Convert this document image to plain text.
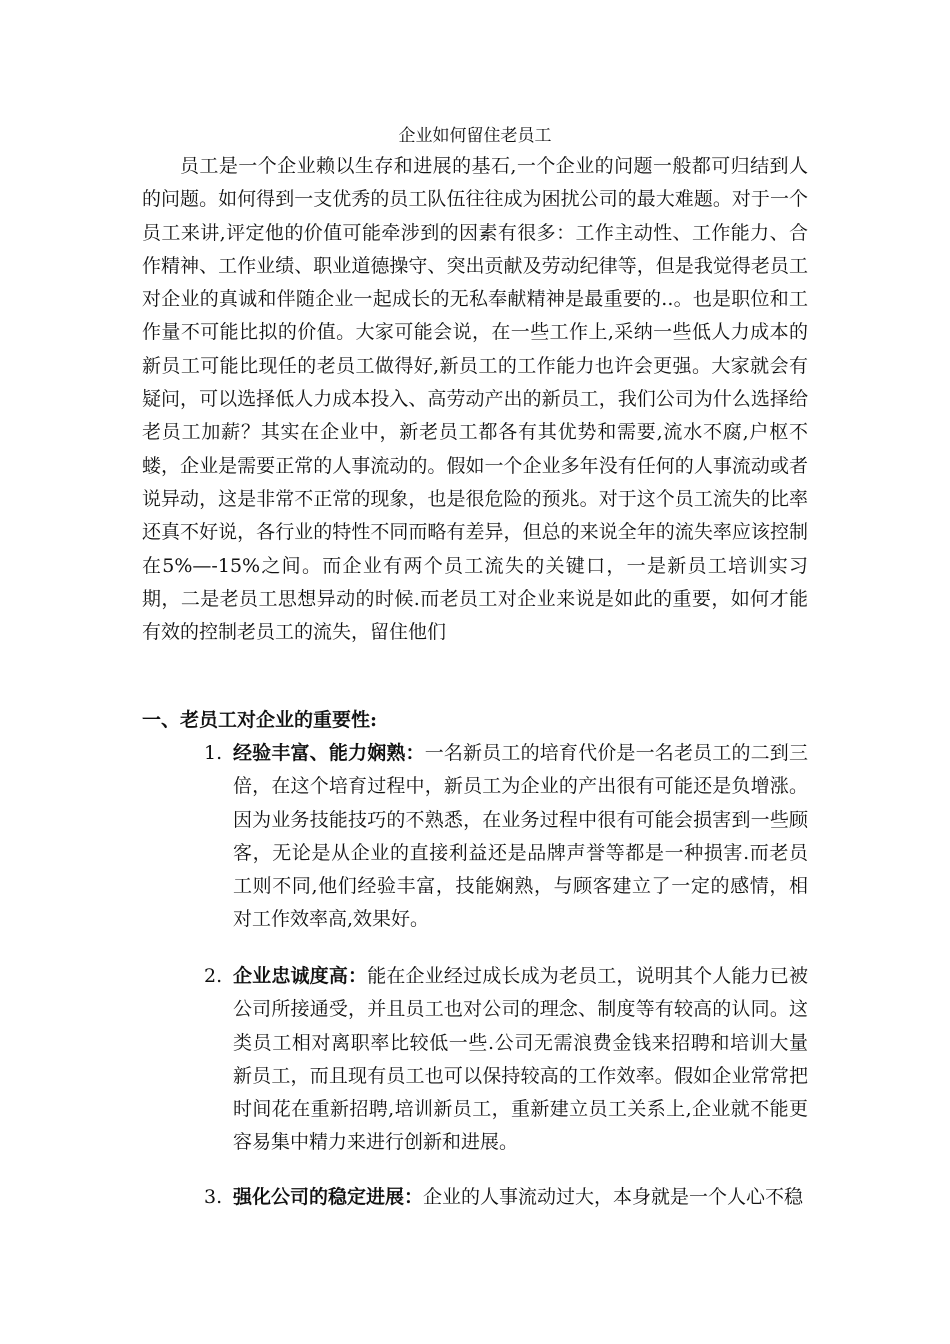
企业如何留住老员工

员工是一个企业赖以生存和进展的基石,一个企业的问题一般都可归结到人的问题。如何得到一支优秀的员工队伍往往成为困扰公司的最大难题。对于一个员工来讲,评定他的价值可能牵涉到的因素有很多：工作主动性、工作能力、合作精神、工作业绩、职业道德操守、突出贡献及劳动纪律等，但是我觉得老员工对企业的真诚和伴随企业一起成长的无私奉献精神是最重要的..。也是职位和工作量不可能比拟的价值。大家可能会说，在一些工作上,采纳一些低人力成本的新员工可能比现任的老员工做得好,新员工的工作能力也许会更强。大家就会有疑问，可以选择低人力成本投入、高劳动产出的新员工，我们公司为什么选择给老员工加薪？其实在企业中，新老员工都各有其优势和需要,流水不腐,户枢不蝼，企业是需要正常的人事流动的。假如一个企业多年没有任何的人事流动或者说异动，这是非常不正常的现象，也是很危险的预兆。对于这个员工流失的比率还真不好说，各行业的特性不同而略有差异，但总的来说全年的流失率应该控制在5%—-15%之间。而企业有两个员工流失的关键口，一是新员工培训实习期，二是老员工思想异动的时候.而老员工对企业来说是如此的重要，如何才能有效的控制老员工的流失，留住他们

一、老员工对企业的重要性:

1. 经验丰富、能力娴熟：一名新员工的培育代价是一名老员工的二到三倍，在这个培育过程中，新员工为企业的产出很有可能还是负增涨。因为业务技能技巧的不熟悉，在业务过程中很有可能会损害到一些顾客，无论是从企业的直接利益还是品牌声誉等都是一种损害.而老员工则不同,他们经验丰富，技能娴熟，与顾客建立了一定的感情，相对工作效率高,效果好。

2. 企业忠诚度高：能在企业经过成长成为老员工，说明其个人能力已被公司所接通受，并且员工也对公司的理念、制度等有较高的认同。这类员工相对离职率比较低一些.公司无需浪费金钱来招聘和培训大量新员工，而且现有员工也可以保持较高的工作效率。假如企业常常把时间花在重新招聘,培训新员工，重新建立员工关系上,企业就不能更容易集中精力来进行创新和进展。

3. 强化公司的稳定进展：企业的人事流动过大，本身就是一个人心不稳
